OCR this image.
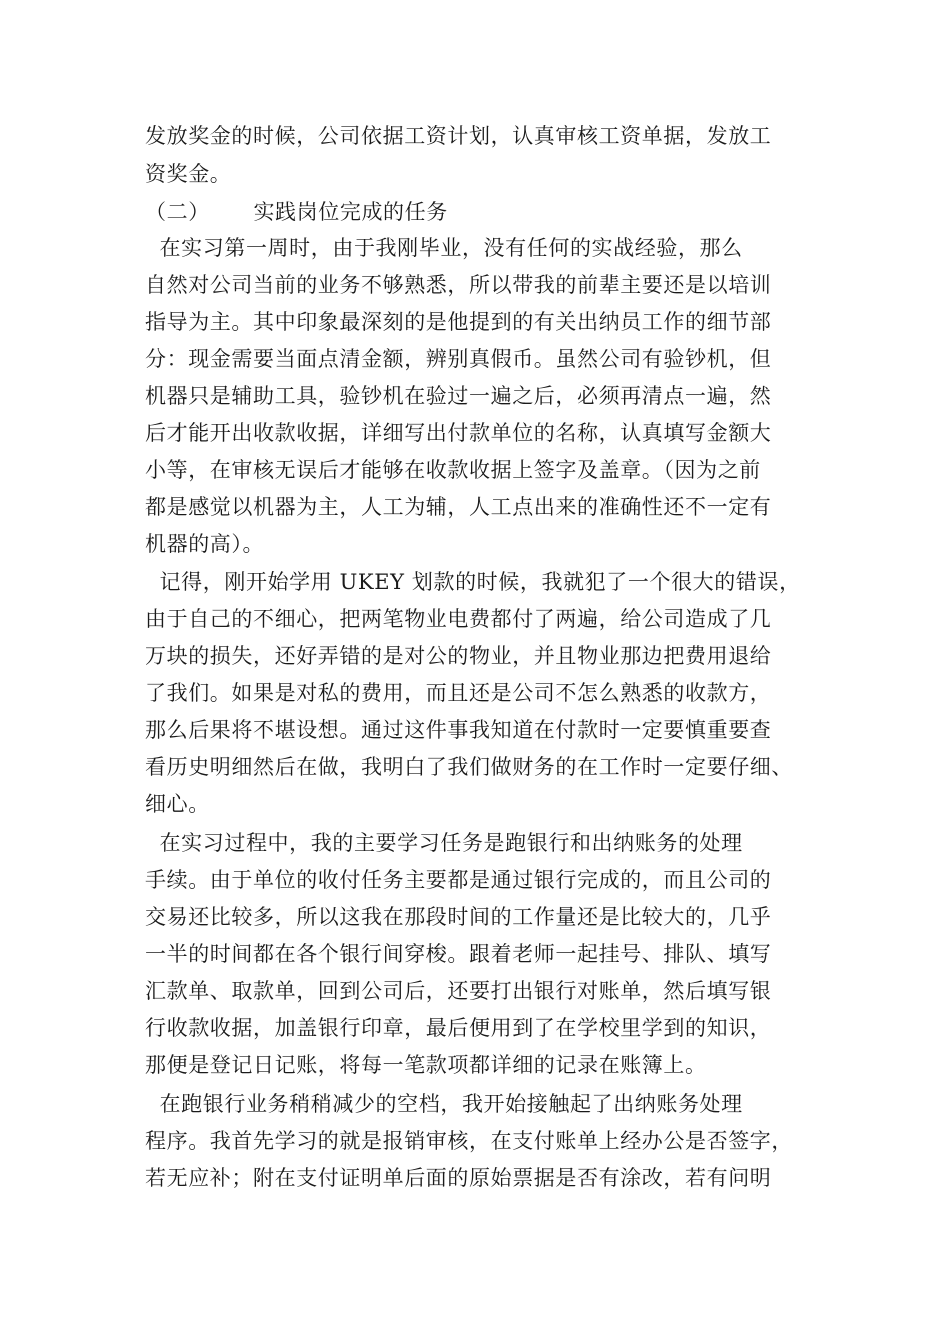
发放奖金的时候，公司依据工资计划，认真审核工资单据，发放工
资奖金。
（二）      实践岗位完成的任务
在实习第一周时，由于我刚毕业，没有任何的实战经验，那么
自然对公司当前的业务不够熟悉，所以带我的前辈主要还是以培训
指导为主。其中印象最深刻的是他提到的有关出纳员工作的细节部
分：现金需要当面点清金额，辨别真假币。虽然公司有验钞机，但
机器只是辅助工具，验钞机在验过一遍之后，必须再清点一遍，然
后才能开出收款收据，详细写出付款单位的名称，认真填写金额大
小等，在审核无误后才能够在收款收据上签字及盖章。（因为之前
都是感觉以机器为主，人工为辅，人工点出来的准确性还不一定有
机器的高）。
记得，刚开始学用 UKEY 划款的时候，我就犯了一个很大的错误，
由于自己的不细心，把两笔物业电费都付了两遍，给公司造成了几
万块的损失，还好弄错的是对公的物业，并且物业那边把费用退给
了我们。如果是对私的费用，而且还是公司不怎么熟悉的收款方，
那么后果将不堪设想。通过这件事我知道在付款时一定要慎重要查
看历史明细然后在做，我明白了我们做财务的在工作时一定要仔细、
细心。
在实习过程中，我的主要学习任务是跑银行和出纳账务的处理
手续。由于单位的收付任务主要都是通过银行完成的，而且公司的
交易还比较多，所以这我在那段时间的工作量还是比较大的，几乎
一半的时间都在各个银行间穿梭。跟着老师一起挂号、排队、填写
汇款单、取款单，回到公司后，还要打出银行对账单，然后填写银
行收款收据，加盖银行印章，最后便用到了在学校里学到的知识，
那便是登记日记账，将每一笔款项都详细的记录在账簿上。
在跑银行业务稍稍减少的空档，我开始接触起了出纳账务处理
程序。我首先学习的就是报销审核，在支付账单上经办公是否签字，
若无应补；附在支付证明单后面的原始票据是否有涂改，若有问明
